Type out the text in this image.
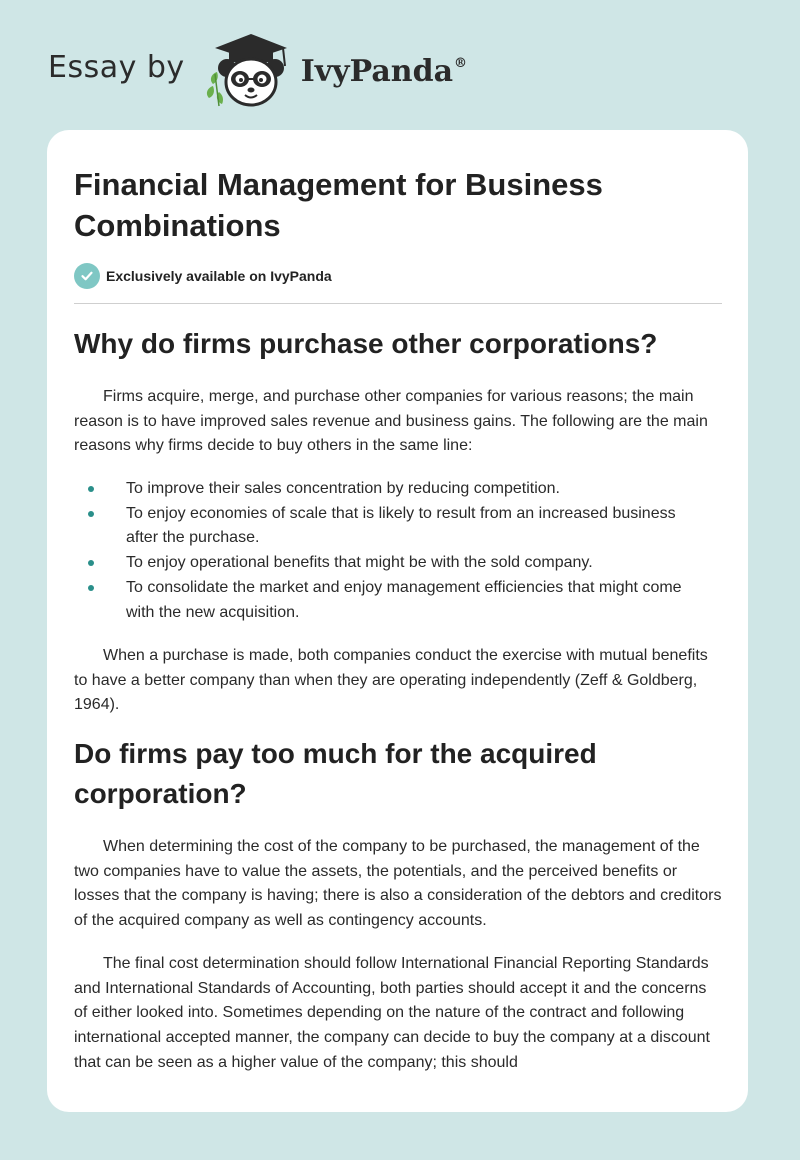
Essay by	IvyPanda®
Financial Management for Business Combinations
Exclusively available on IvyPanda
Why do firms purchase other corporations?

Firms acquire, merge, and purchase other companies for various reasons; the main reason is to have improved sales revenue and business gains. The following are the main reasons why firms decide to buy others in the same line:

To improve their sales concentration by reducing competition.
To enjoy economies of scale that is likely to result from an increased business after the purchase.
To enjoy operational benefits that might be with the sold company.
To consolidate the market and enjoy management efficiencies that might come with the new acquisition.

When a purchase is made, both companies conduct the exercise with mutual benefits to have a better company than when they are operating independently (Zeff & Goldberg, 1964).

Do firms pay too much for the acquired corporation?

When determining the cost of the company to be purchased, the management of the two companies have to value the assets, the potentials, and the perceived benefits or losses that the company is having; there is also a consideration of the debtors and creditors of the acquired company as well as contingency accounts.

The final cost determination should follow International Financial Reporting Standards and International Standards of Accounting, both parties should accept it and the concerns of either looked into. Sometimes depending on the nature of the contract and following international accepted manner, the company can decide to buy the company at a discount that can be seen as a higher value of the company; this should
